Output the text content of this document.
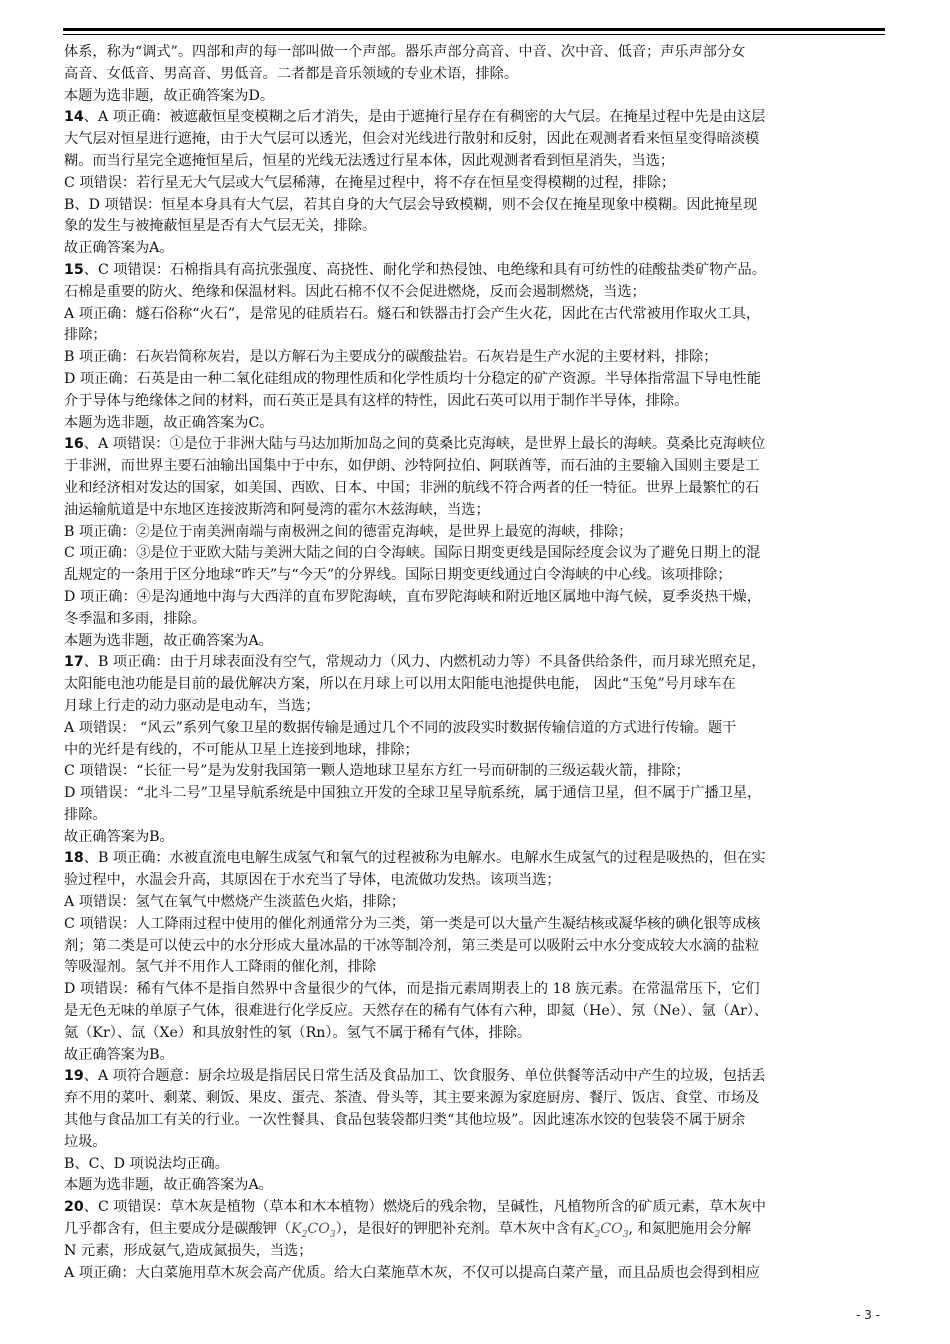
体系，称为“调式”。四部和声的每一部叫做一个声部。器乐声部分高音、中音、次中音、低音；声乐声部分女
高音、女低音、男高音、男低音。二者都是音乐领域的专业术语，排除。
本题为选非题，故正确答案为D。
14、A 项正确：被遮蔽恒星变模糊之后才消失，是由于遮掩行星存在有稠密的大气层。在掩星过程中先是由这层
大气层对恒星进行遮掩，由于大气层可以透光，但会对光线进行散射和反射，因此在观测者看来恒星变得暗淡模
糊。而当行星完全遮掩恒星后，恒星的光线无法透过行星本体，因此观测者看到恒星消失，当选；
C 项错误：若行星无大气层或大气层稀薄，在掩星过程中，将不存在恒星变得模糊的过程，排除；
B、D 项错误：恒星本身具有大气层，若其自身的大气层会导致模糊，则不会仅在掩星现象中模糊。因此掩星现
象的发生与被掩蔽恒星是否有大气层无关，排除。
故正确答案为A。
15、C 项错误：石棉指具有高抗张强度、高挠性、耐化学和热侵蚀、电绝缘和具有可纺性的硅酸盐类矿物产品。
石棉是重要的防火、绝缘和保温材料。因此石棉不仅不会促进燃烧，反而会遏制燃烧，当选；
A 项正确：燧石俗称“火石”，是常见的硅质岩石。燧石和铁器击打会产生火花，因此在古代常被用作取火工具，
排除；
B 项正确：石灰岩简称灰岩，是以方解石为主要成分的碳酸盐岩。石灰岩是生产水泥的主要材料，排除；
D 项正确：石英是由一种二氧化硅组成的物理性质和化学性质均十分稳定的矿产资源。半导体指常温下导电性能
介于导体与绝缘体之间的材料，而石英正是具有这样的特性，因此石英可以用于制作半导体，排除。
本题为选非题，故正确答案为C。
16、A 项错误：①是位于非洲大陆与马达加斯加岛之间的莫桑比克海峡，是世界上最长的海峡。莫桑比克海峡位
于非洲，而世界主要石油输出国集中于中东，如伊朗、沙特阿拉伯、阿联酋等，而石油的主要输入国则主要是工
业和经济相对发达的国家，如美国、西欧、日本、中国；非洲的航线不符合两者的任一特征。世界上最繁忙的石
油运输航道是中东地区连接波斯湾和阿曼湾的霍尔木兹海峡，当选；
B 项正确：②是位于南美洲南端与南极洲之间的德雷克海峡，是世界上最宽的海峡，排除；
C 项正确：③是位于亚欧大陆与美洲大陆之间的白令海峡。国际日期变更线是国际经度会议为了避免日期上的混
乱规定的一条用于区分地球“昨天”与“今天”的分界线。国际日期变更线通过白令海峡的中心线。该项排除；
D 项正确：④是沟通地中海与大西洋的直布罗陀海峡，直布罗陀海峡和附近地区属地中海气候，夏季炎热干燥，
冬季温和多雨，排除。
本题为选非题，故正确答案为A。
17、B 项正确：由于月球表面没有空气，常规动力（风力、内燃机动力等）不具备供给条件，而月球光照充足，
太阳能电池功能是目前的最优解决方案，所以在月球上可以用太阳能电池提供电能， 因此“玉兔”号月球车在
月球上行走的动力驱动是电动车，当选；
A 项错误： “风云”系列气象卫星的数据传输是通过几个不同的波段实时数据传输信道的方式进行传输。题干
中的光纤是有线的，不可能从卫星上连接到地球，排除；
C 项错误：“长征一号”是为发射我国第一颗人造地球卫星东方红一号而研制的三级运载火箭，排除；
D 项错误：“北斗二号”卫星导航系统是中国独立开发的全球卫星导航系统，属于通信卫星，但不属于广播卫星，
排除。
故正确答案为B。
18、B 项正确：水被直流电电解生成氢气和氧气的过程被称为电解水。电解水生成氢气的过程是吸热的，但在实
验过程中，水温会升高，其原因在于水充当了导体，电流做功发热。该项当选；
A 项错误：氢气在氧气中燃烧产生淡蓝色火焰，排除；
C 项错误：人工降雨过程中使用的催化剂通常分为三类，第一类是可以大量产生凝结核或凝华核的碘化银等成核
剂；第二类是可以使云中的水分形成大量冰晶的干冰等制冷剂，第三类是可以吸附云中水分变成较大水滴的盐粒
等吸湿剂。氢气并不用作人工降雨的催化剂，排除
D 项错误：稀有气体不是指自然界中含量很少的气体，而是指元素周期表上的 18 族元素。在常温常压下，它们
是无色无味的单原子气体，很难进行化学反应。天然存在的稀有气体有六种，即氦（He）、氖（Ne）、氩（Ar）、
氪（Kr）、氙（Xe）和具放射性的氡（Rn）。氢气不属于稀有气体，排除。
故正确答案为B。
19、A 项符合题意：厨余垃圾是指居民日常生活及食品加工、饮食服务、单位供餐等活动中产生的垃圾，包括丢
弃不用的菜叶、剩菜、剩饭、果皮、蛋壳、茶渣、骨头等，其主要来源为家庭厨房、餐厅、饭店、食堂、市场及
其他与食品加工有关的行业。一次性餐具、食品包装袋都归类“其他垃圾”。因此速冻水饺的包装袋不属于厨余
垃圾。
B、C、D 项说法均正确。
本题为选非题，故正确答案为A。
20、C 项错误：草木灰是植物（草本和木本植物）燃烧后的残余物，呈碱性，凡植物所含的矿质元素，草木灰中
几乎都含有，但主要成分是碳酸钾$(K_2CO_3)$，是很好的钾肥补充剂。草木灰中含有$K_2CO_3$, 和氮肥施用会分解
N 元素，形成氨气,造成氮损失，当选；
A 项正确：大白菜施用草木灰会高产优质。给大白菜施草木灰，不仅可以提高白菜产量，而且品质也会得到相应
- 3 -
